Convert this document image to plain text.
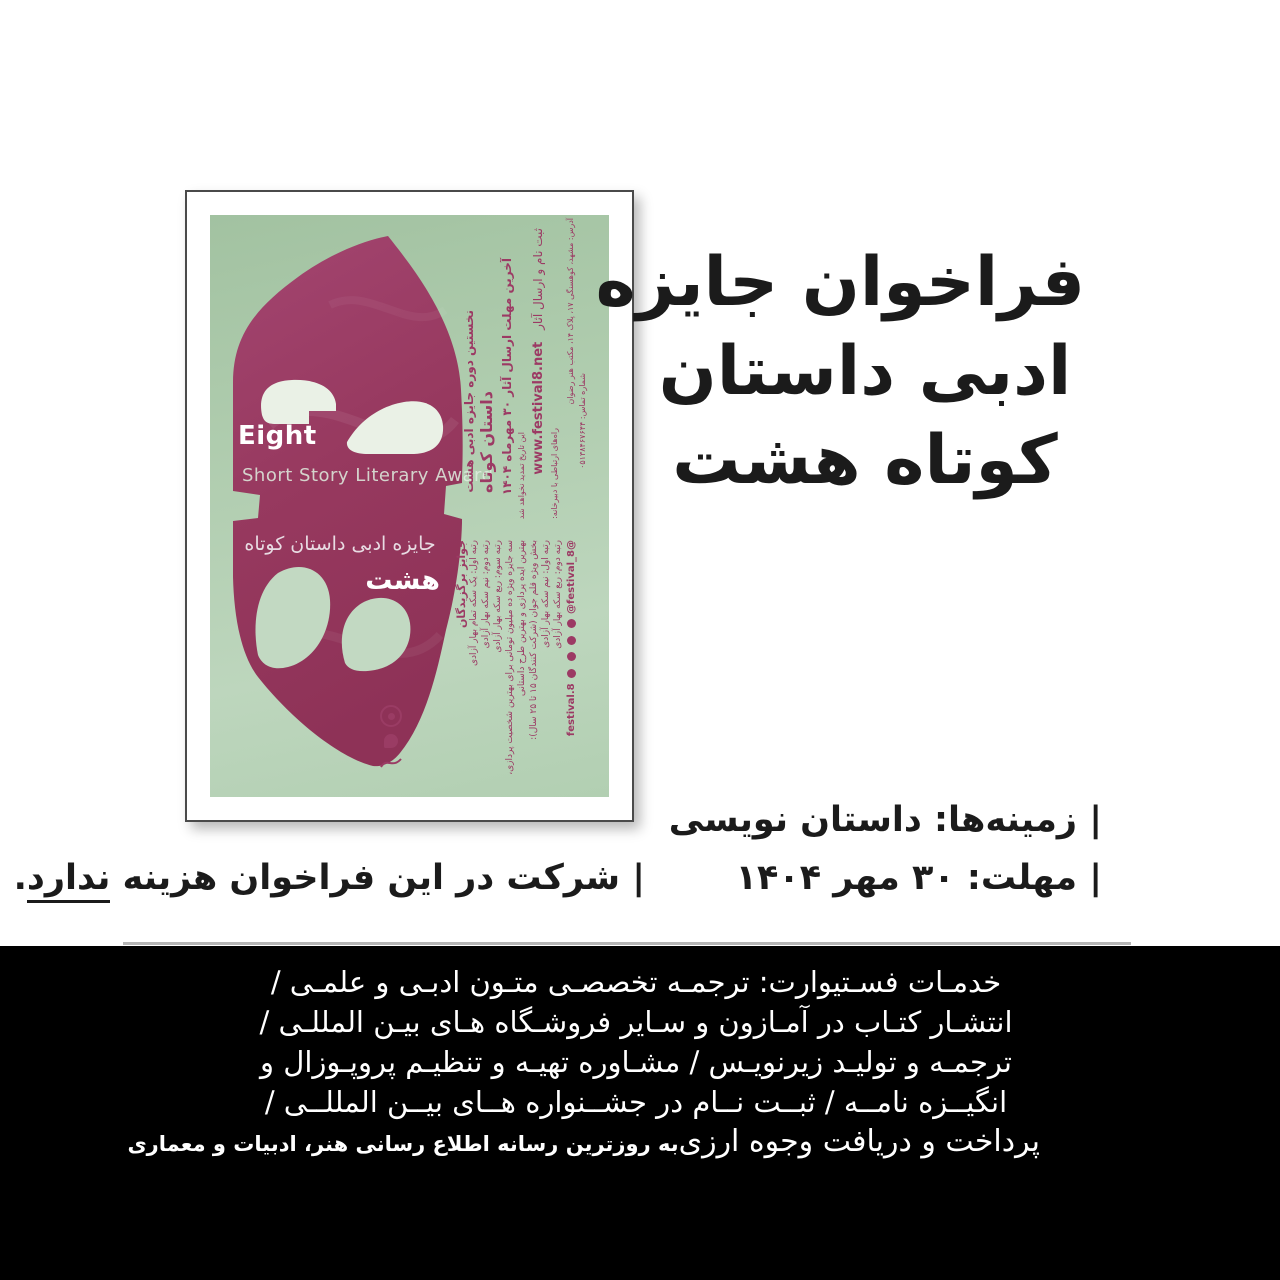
Eight
Short Story Literary Award
جایزه ادبی داستان کوتاه
هشت
نخستین دوره جایزه ادبی هشت داستان کوتاه آخرین مهلت ارسال آثار ۳۰ مهرماه ۱۴۰۴
این تاریخ تمدید نخواهد شد
ثبت نام و ارسال آثار www.festival8.net راه‌های ارتباطی با دبیرخانه:
آدرس: مشهد، کوهسنگی ۱۷، پلاک ۱۴، مکتب هنر رضوان
شماره تماس: ۰۵۱۳۸۴۶۷۶۴۴
جوایز برگزیدگان رتبه اول: یک سکه تمام بهار آزادی رتبه دوم: نیم سکه بهار آزادی رتبه سوم: ربع سکه بهار آزادی سه جایزه ویژه ده میلیون تومانی برای بهترین شخصیت پردازی، بهترین ایده پردازی و بهترین طرح داستانی
بخش ویژه قلم جوان (شرکت کنندگان ۱۵ تا ۲۵ سال): رتبه اول: نیم سکه بهار آزادی رتبه دوم: ربع سکه بهار آزادی
@festival.8     @festival_8
فراخوان جایزه
ادبی داستان
کوتاه هشت
| زمینه‌ها: داستان نویسی
| مهلت: ۳۰ مهر ۱۴۰۴
| شرکت در این فراخوان هزینه ندارد.
خدمـات فسـتیوارت: ترجمـه تخصصـی متـون ادبـی و علمـی /
انتشـار کتـاب در آمـازون و سـایر فروشـگاه هـای بیـن المللـی /
ترجمـه و تولیـد زیرنویـس / مشـاوره تهیـه و تنظیـم پروپـوزال و
انگیــزه نامــه / ثبــت نــام در جشــنواره هــای بیــن المللــی /
پرداخت و دریافت وجوه ارزی
به روزترین رسانه اطلاع رسانی هنر، ادبیات و معماری
